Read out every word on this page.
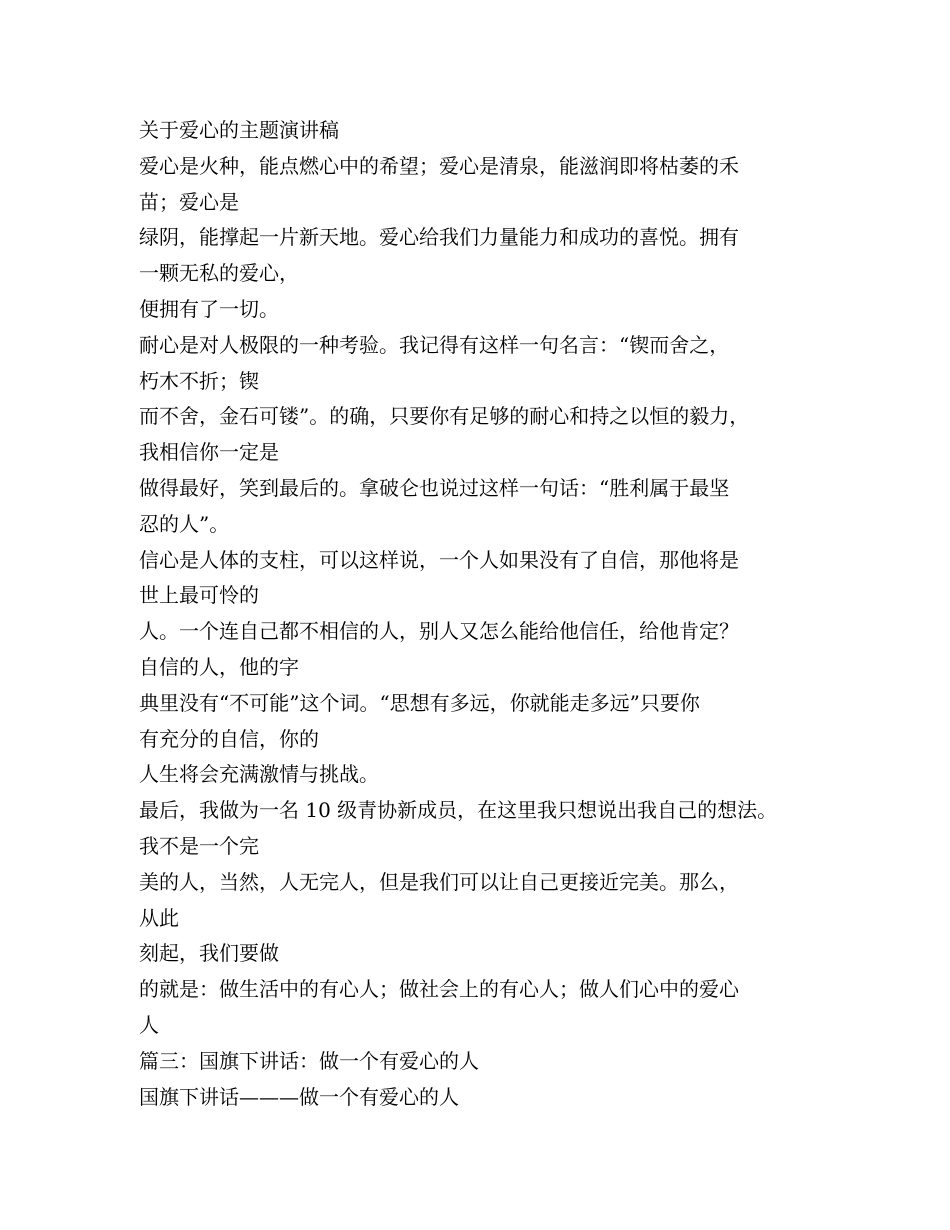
关于爱心的主题演讲稿
爱心是火种，能点燃心中的希望；爱心是清泉，能滋润即将枯萎的禾
苗；爱心是
绿阴，能撑起一片新天地。爱心给我们力量能力和成功的喜悦。拥有
一颗无私的爱心，
便拥有了一切。
耐心是对人极限的一种考验。我记得有这样一句名言：“锲而舍之，
朽木不折；锲
而不舍，金石可镂”。的确，只要你有足够的耐心和持之以恒的毅力，
我相信你一定是
做得最好，笑到最后的。拿破仑也说过这样一句话：“胜利属于最坚
忍的人”。
信心是人体的支柱，可以这样说，一个人如果没有了自信，那他将是
世上最可怜的
人。一个连自己都不相信的人，别人又怎么能给他信任，给他肯定？
自信的人，他的字
典里没有“不可能”这个词。“思想有多远，你就能走多远”只要你
有充分的自信，你的
人生将会充满激情与挑战。
最后，我做为一名 10 级青协新成员，在这里我只想说出我自己的想法。
我不是一个完
美的人，当然，人无完人，但是我们可以让自己更接近完美。那么，
从此
刻起，我们要做
的就是：做生活中的有心人；做社会上的有心人；做人们心中的爱心
人
篇三：国旗下讲话：做一个有爱心的人
国旗下讲话———做一个有爱心的人
